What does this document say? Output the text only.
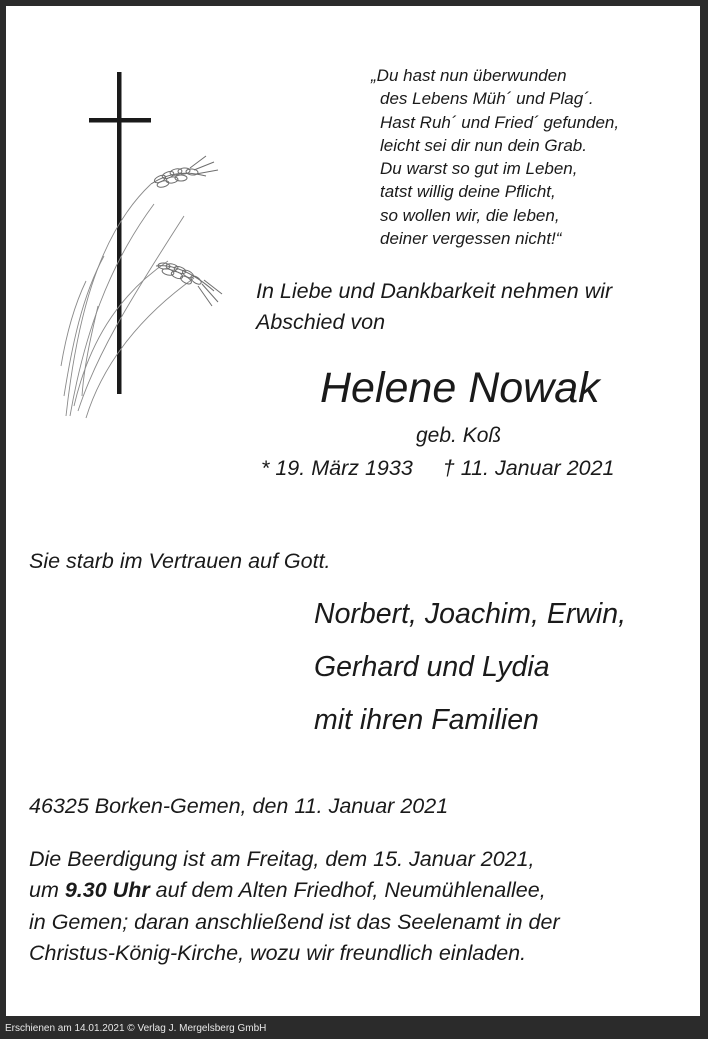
„Du hast nun überwunden
des Lebens Müh´ und Plag´.
Hast Ruh´ und Fried´ gefunden,
leicht sei dir nun dein Grab.
Du warst so gut im Leben,
tatst willig deine Pflicht,
so wollen wir, die leben,
deiner vergessen nicht!“
In Liebe und Dankbarkeit nehmen wir
Abschied von
Helene Nowak
geb. Koß
* 19. März 1933 † 11. Januar 2021
Sie starb im Vertrauen auf Gott.
Norbert, Joachim, Erwin,
Gerhard und Lydia
mit ihren Familien
46325 Borken-Gemen, den 11. Januar 2021
Die Beerdigung ist am Freitag, dem 15. Januar 2021,
um 9.30 Uhr auf dem Alten Friedhof, Neumühlenallee,
in Gemen; daran anschließend ist das Seelenamt in der
Christus-König-Kirche, wozu wir freundlich einladen.
Erschienen am 14.01.2021 © Verlag J. Mergelsberg GmbH
